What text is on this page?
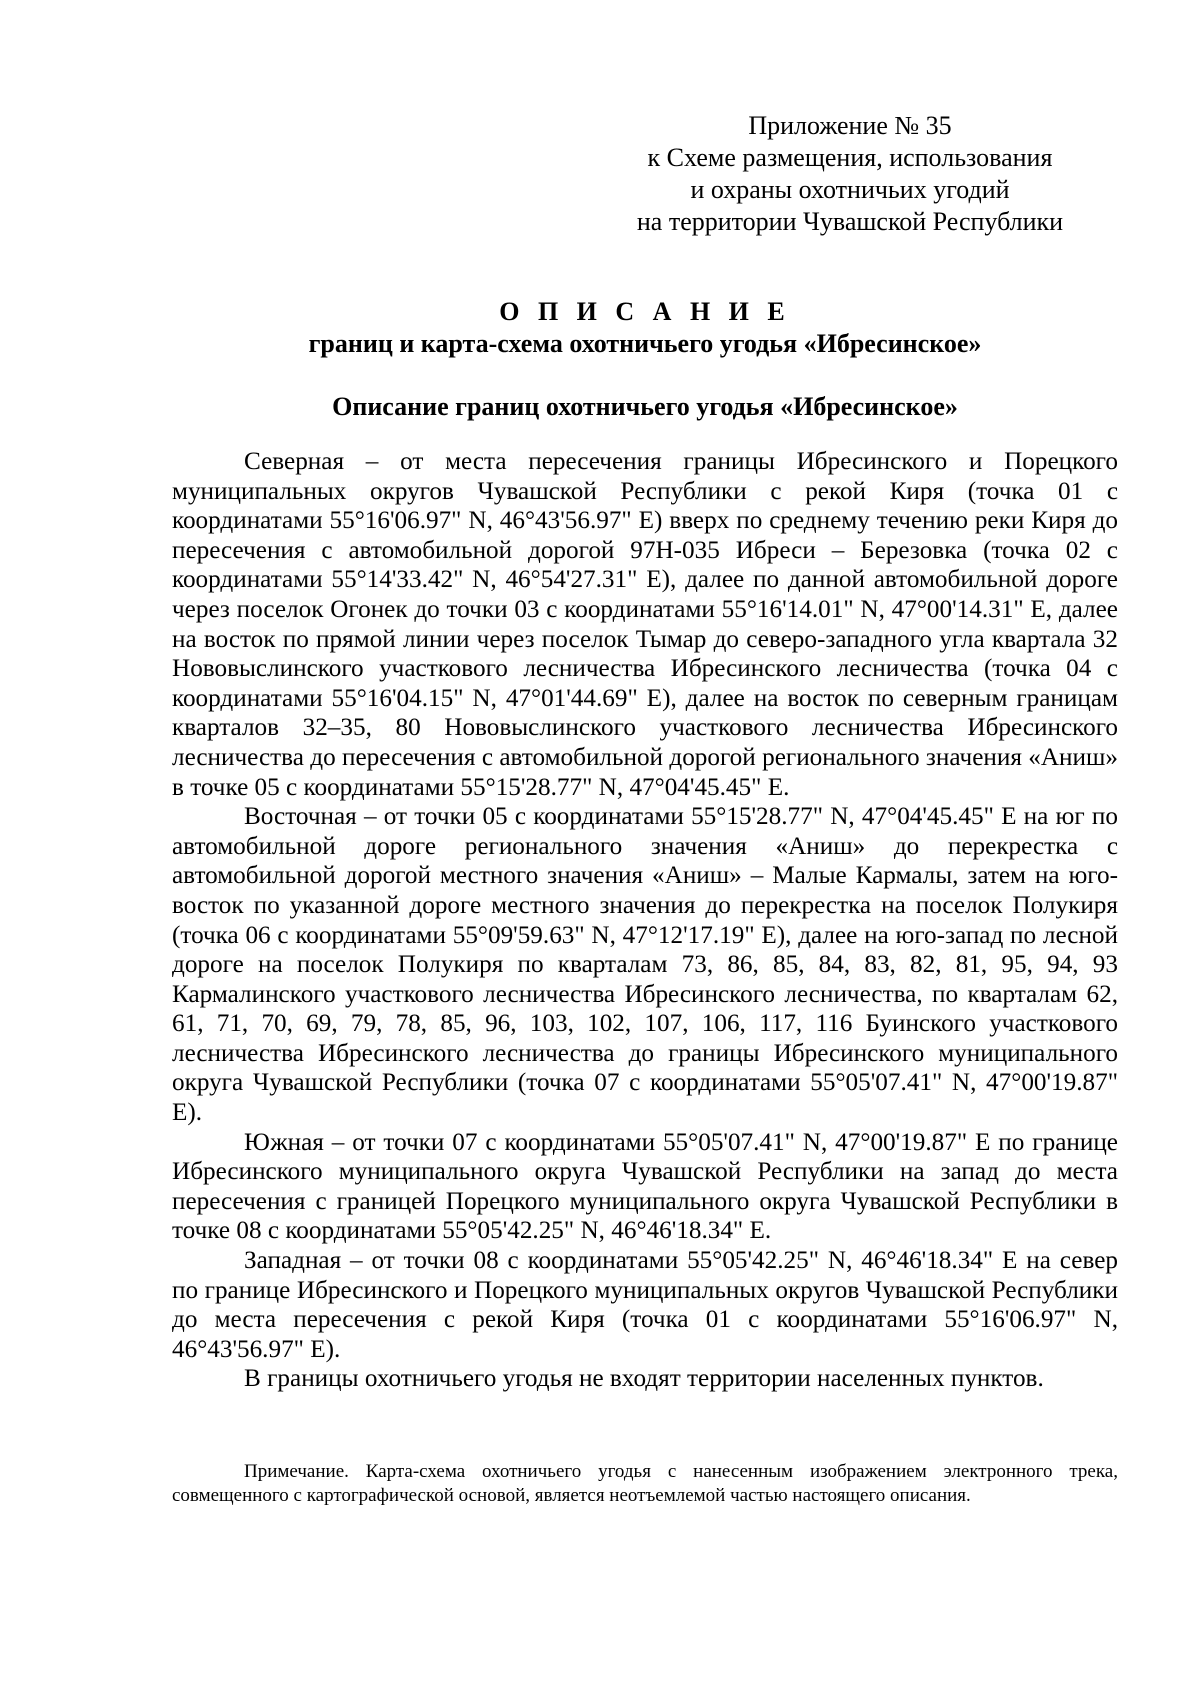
Приложение № 35
к Схеме размещения, использования
и охраны охотничьих угодий
на территории Чувашской Республики
О П И С А Н И Е
границ и карта-схема охотничьего угодья «Ибресинское»
Описание границ охотничьего угодья «Ибресинское»

Северная – от места пересечения границы Ибресинского и Порецкого муниципальных округов Чувашской Республики с рекой Киря (точка 01 с координатами 55°16'06.97" N, 46°43'56.97" E) вверх по среднему течению реки Киря до пересечения с автомобильной дорогой 97Н-035 Ибреси – Березовка (точка 02 с координатами 55°14'33.42" N, 46°54'27.31" E), далее по данной автомобильной дороге через поселок Огонек до точки 03 с координатами 55°16'14.01" N, 47°00'14.31" E, далее на восток по прямой линии через поселок Тымар до северо-западного угла квартала 32 Нововыслинского участкового лесничества Ибресинского лесничества (точка 04 с координатами 55°16'04.15" N, 47°01'44.69" E), далее на восток по северным границам кварталов 32–35, 80 Нововыслинского участкового лесничества Ибресинского лесничества до пересечения с автомобильной дорогой регионального значения «Аниш» в точке 05 с координатами 55°15'28.77" N, 47°04'45.45" E.

Восточная – от точки 05 с координатами 55°15'28.77" N, 47°04'45.45" E на юг по автомобильной дороге регионального значения «Аниш» до перекрестка с автомобильной дорогой местного значения «Аниш» – Малые Кармалы, затем на юго-восток по указанной дороге местного значения до перекрестка на поселок Полукиря (точка 06 с координатами 55°09'59.63" N, 47°12'17.19" E), далее на юго-запад по лесной дороге на поселок Полукиря по кварталам 73, 86, 85, 84, 83, 82, 81, 95, 94, 93 Кармалинского участкового лесничества Ибресинского лесничества, по кварталам 62, 61, 71, 70, 69, 79, 78, 85, 96, 103, 102, 107, 106, 117, 116 Буинского участкового лесничества Ибресинского лесничества до границы Ибресинского муниципального округа Чувашской Республики (точка 07 с координатами 55°05'07.41" N, 47°00'19.87" E).

Южная – от точки 07 с координатами 55°05'07.41" N, 47°00'19.87" E по границе Ибресинского муниципального округа Чувашской Республики на запад до места пересечения с границей Порецкого муниципального округа Чувашской Республики в точке 08 с координатами 55°05'42.25" N, 46°46'18.34" E.

Западная – от точки 08 с координатами 55°05'42.25" N, 46°46'18.34" E на север по границе Ибресинского и Порецкого муниципальных округов Чувашской Республики до места пересечения с рекой Киря (точка 01 с координатами 55°16'06.97" N, 46°43'56.97" E).

В границы охотничьего угодья не входят территории населенных пунктов.

Примечание. Карта-схема охотничьего угодья с нанесенным изображением электронного трека, совмещенного с картографической основой, является неотъемлемой частью настоящего описания.
